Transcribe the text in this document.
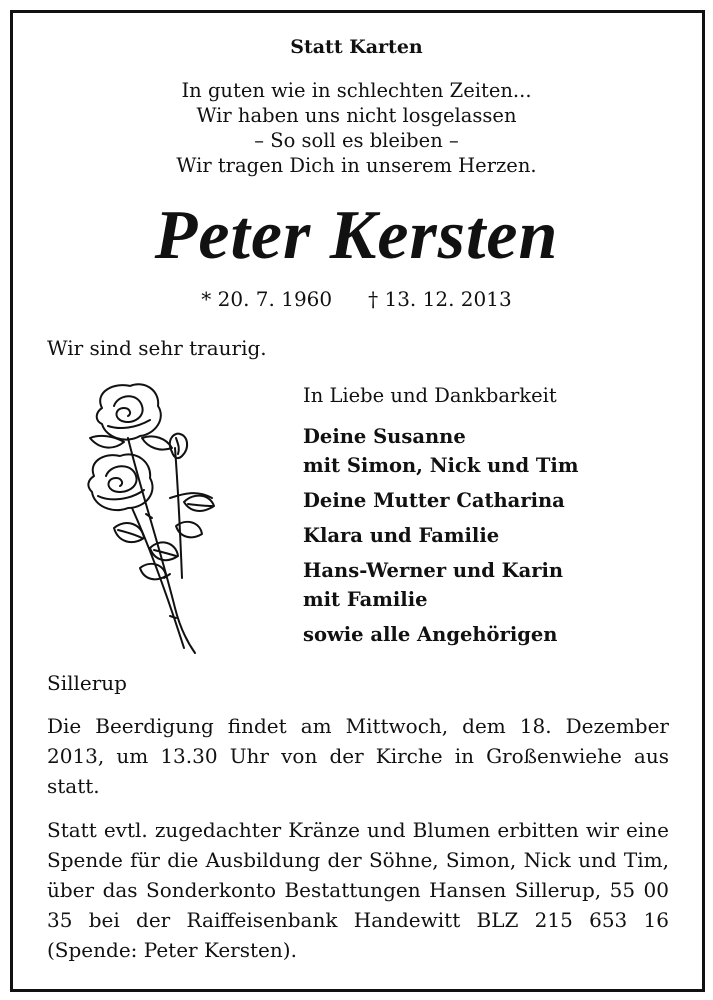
Statt Karten
In guten wie in schlechten Zeiten...
Wir haben uns nicht losgelassen
– So soll es bleiben –
Wir tragen Dich in unserem Herzen.
Peter Kersten
* 20. 7. 1960 † 13. 12. 2013
Wir sind sehr traurig.
In Liebe und Dankbarkeit
Deine Susanne
mit Simon, Nick und Tim
Deine Mutter Catharina
Klara und Familie
Hans-Werner und Karin
mit Familie
sowie alle Angehörigen
Sillerup

Die Beerdigung findet am Mittwoch, dem 18. Dezember 2013, um 13.30 Uhr von der Kirche in Großenwiehe aus statt.

Statt evtl. zugedachter Kränze und Blumen erbitten wir eine Spende für die Ausbildung der Söhne, Simon, Nick und Tim, über das Sonderkonto Bestattungen Hansen Sillerup, 55 00 35 bei der Raiffeisenbank Handewitt BLZ 215 653 16 (Spende: Peter Kersten).
